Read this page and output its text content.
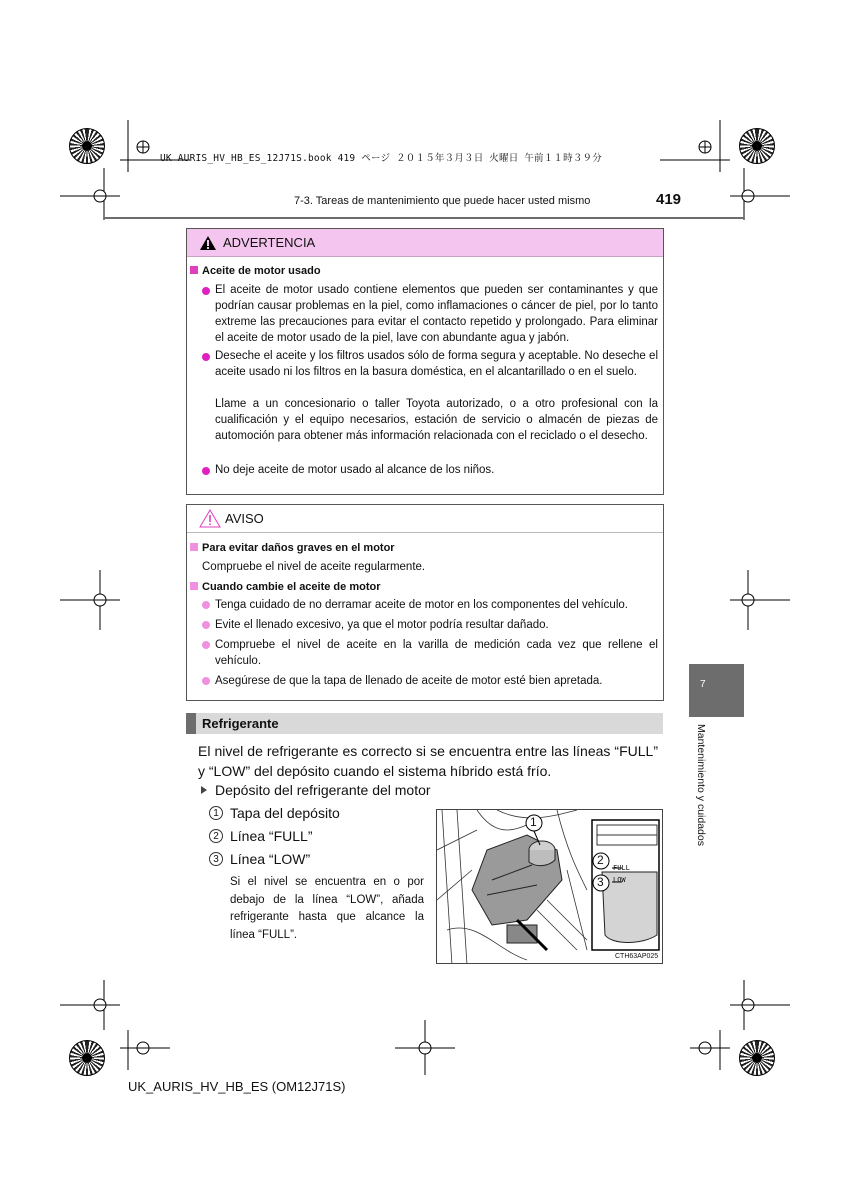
UK AURIS_HV_HB_ES_12J71S.book 419 ページ ２０１５年３月３日 火曜日 午前１１時３９分
7-3. Tareas de mantenimiento que puede hacer usted mismo	419
ADVERTENCIA
Aceite de motor usado
El aceite de motor usado contiene elementos que pueden ser contaminantes y que podrían causar problemas en la piel, como inflamaciones o cáncer de piel, por lo tanto extreme las precauciones para evitar el contacto repetido y prolongado. Para eliminar el aceite de motor usado de la piel, lave con abundante agua y jabón.
Deseche el aceite y los filtros usados sólo de forma segura y aceptable. No deseche el aceite usado ni los filtros en la basura doméstica, en el alcantarillado o en el suelo.
Llame a un concesionario o taller Toyota autorizado, o a otro profesional con la cualificación y el equipo necesarios, estación de servicio o almacén de piezas de automoción para obtener más información relacionada con el reciclado o el desecho.
No deje aceite de motor usado al alcance de los niños.
AVISO
Para evitar daños graves en el motor
Compruebe el nivel de aceite regularmente.
Cuando cambie el aceite de motor
Tenga cuidado de no derramar aceite de motor en los componentes del vehículo.
Evite el llenado excesivo, ya que el motor podría resultar dañado.
Compruebe el nivel de aceite en la varilla de medición cada vez que rellene el vehículo.
Asegúrese de que la tapa de llenado de aceite de motor esté bien apretada.
Refrigerante
El nivel de refrigerante es correcto si se encuentra entre las líneas “FULL” y “LOW” del depósito cuando el sistema híbrido está frío.
Depósito del refrigerante del motor
1 Tapa del depósito
2 Línea “FULL”
3 Línea “LOW”
Si el nivel se encuentra en o por debajo de la línea “LOW”, añada refrigerante hasta que alcance la línea “FULL”.
1
2
3
FULL
LOW
CTH63AP025
7
Mantenimiento y cuidados
UK_AURIS_HV_HB_ES (OM12J71S)
